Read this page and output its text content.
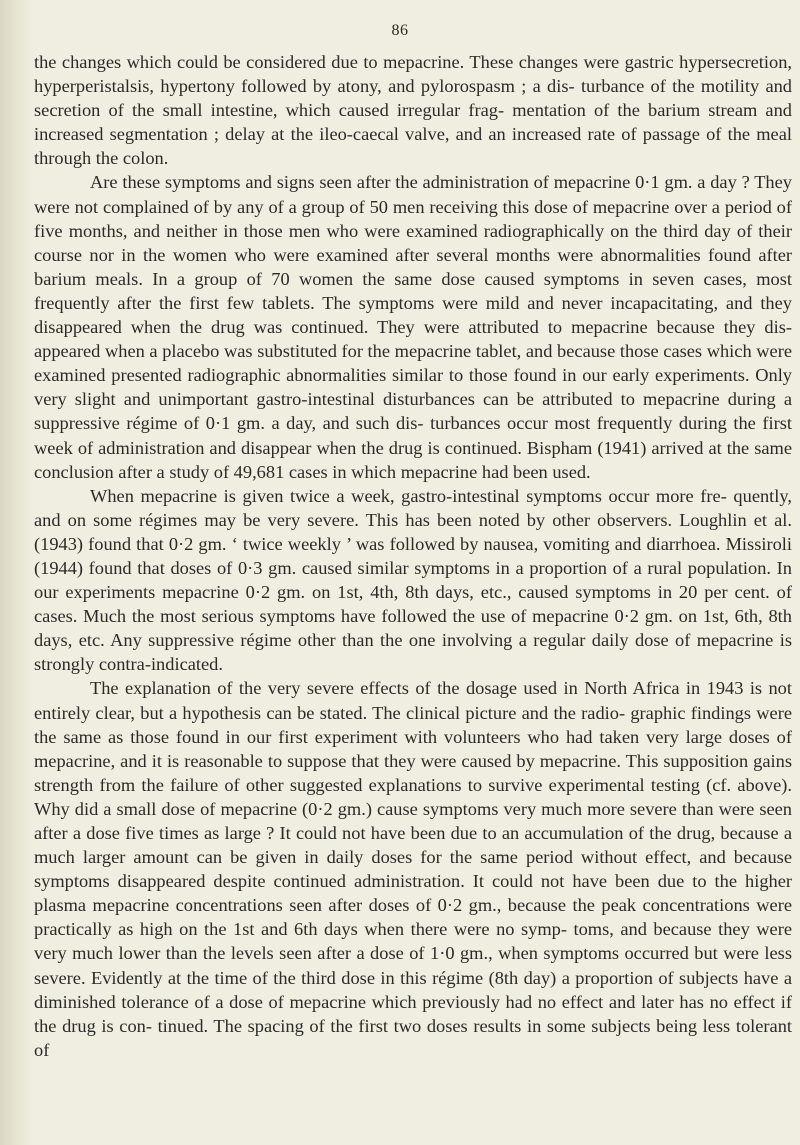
86

the changes which could be considered due to mepacrine. These changes were gastric hypersecretion, hyperperistalsis, hypertony followed by atony, and pylorospasm ; a dis- turbance of the motility and secretion of the small intestine, which caused irregular frag- mentation of the barium stream and increased segmentation ; delay at the ileo-caecal valve, and an increased rate of passage of the meal through the colon.

Are these symptoms and signs seen after the administration of mepacrine 0·1 gm. a day ? They were not complained of by any of a group of 50 men receiving this dose of mepacrine over a period of five months, and neither in those men who were examined radiographically on the third day of their course nor in the women who were examined after several months were abnormalities found after barium meals. In a group of 70 women the same dose caused symptoms in seven cases, most frequently after the first few tablets. The symptoms were mild and never incapacitating, and they disappeared when the drug was continued. They were attributed to mepacrine because they dis- appeared when a placebo was substituted for the mepacrine tablet, and because those cases which were examined presented radiographic abnormalities similar to those found in our early experiments. Only very slight and unimportant gastro-intestinal disturbances can be attributed to mepacrine during a suppressive régime of 0·1 gm. a day, and such dis- turbances occur most frequently during the first week of administration and disappear when the drug is continued. Bispham (1941) arrived at the same conclusion after a study of 49,681 cases in which mepacrine had been used.

When mepacrine is given twice a week, gastro-intestinal symptoms occur more fre- quently, and on some régimes may be very severe. This has been noted by other observers. Loughlin et al. (1943) found that 0·2 gm. ‘ twice weekly ’ was followed by nausea, vomiting and diarrhoea. Missiroli (1944) found that doses of 0·3 gm. caused similar symptoms in a proportion of a rural population. In our experiments mepacrine 0·2 gm. on 1st, 4th, 8th days, etc., caused symptoms in 20 per cent. of cases. Much the most serious symptoms have followed the use of mepacrine 0·2 gm. on 1st, 6th, 8th days, etc. Any suppressive régime other than the one involving a regular daily dose of mepacrine is strongly contra-indicated.

The explanation of the very severe effects of the dosage used in North Africa in 1943 is not entirely clear, but a hypothesis can be stated. The clinical picture and the radio- graphic findings were the same as those found in our first experiment with volunteers who had taken very large doses of mepacrine, and it is reasonable to suppose that they were caused by mepacrine. This supposition gains strength from the failure of other suggested explanations to survive experimental testing (cf. above). Why did a small dose of mepacrine (0·2 gm.) cause symptoms very much more severe than were seen after a dose five times as large ? It could not have been due to an accumulation of the drug, because a much larger amount can be given in daily doses for the same period without effect, and because symptoms disappeared despite continued administration. It could not have been due to the higher plasma mepacrine concentrations seen after doses of 0·2 gm., because the peak concentrations were practically as high on the 1st and 6th days when there were no symp- toms, and because they were very much lower than the levels seen after a dose of 1·0 gm., when symptoms occurred but were less severe. Evidently at the time of the third dose in this régime (8th day) a proportion of subjects have a diminished tolerance of a dose of mepacrine which previously had no effect and later has no effect if the drug is con- tinued. The spacing of the first two doses results in some subjects being less tolerant of
